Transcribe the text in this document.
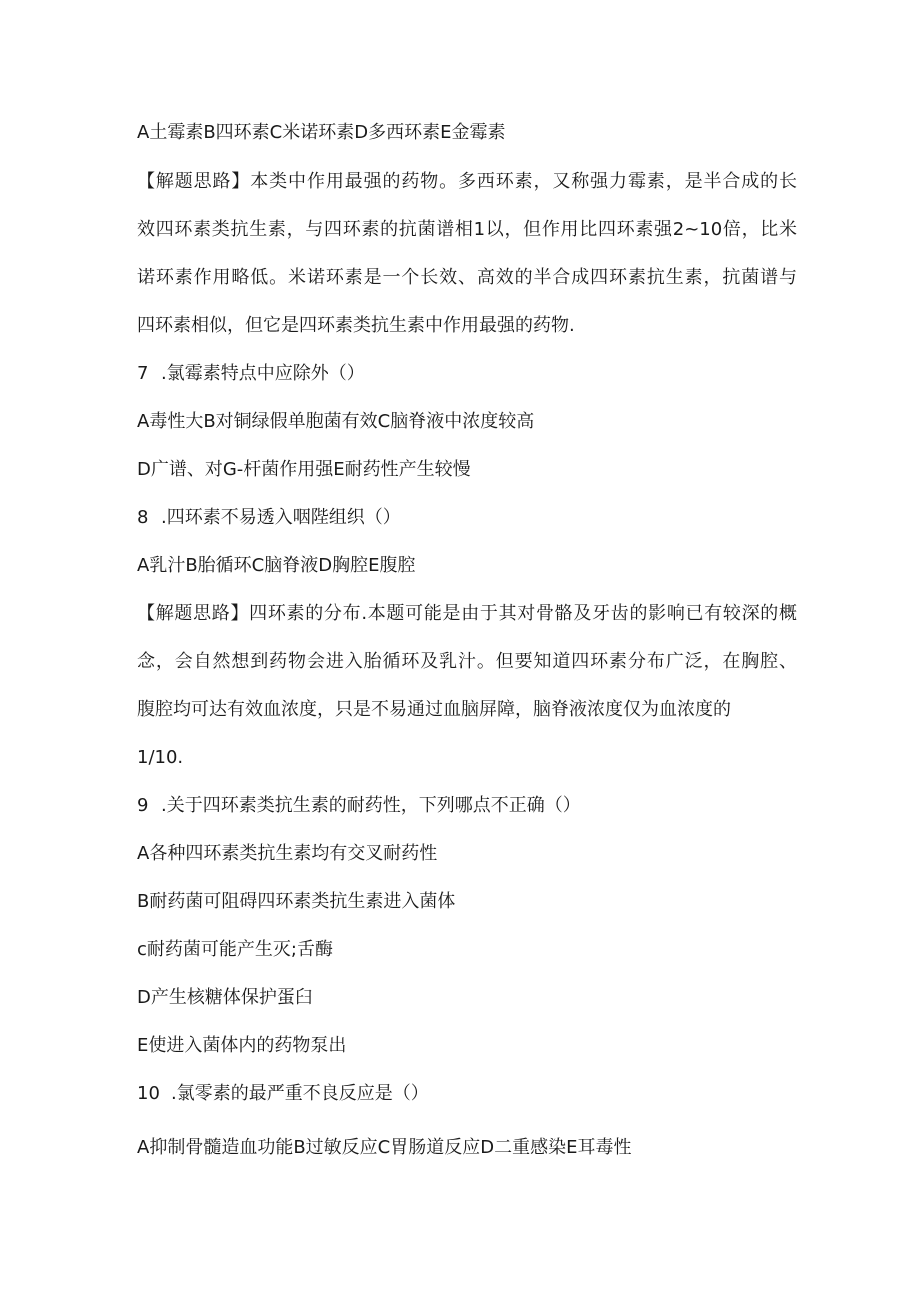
A土霉素B四环素C米诺环素D多西环素E金霉素
【解题思路】本类中作用最强的药物。多西环素，又称强力霉素，是半合成的长
效四环素类抗生素，与四环素的抗菌谱相1以，但作用比四环素强2~10倍，比米
诺环素作用略低。米诺环素是一个长效、高效的半合成四环素抗生素，抗菌谱与
四环素相似，但它是四环素类抗生素中作用最强的药物.
7 .氯霉素特点中应除外（）
A毒性大B对铜绿假单胞菌有效C脑脊液中浓度较高
D广谱、对G-杆菌作用强E耐药性产生较慢
8 .四环素不易透入咽陛组织（）
A乳汁B胎循环C脑脊液D胸腔E腹腔
【解题思路】四环素的分布.本题可能是由于其对骨骼及牙齿的影响已有较深的概
念，会自然想到药物会进入胎循环及乳汁。但要知道四环素分布广泛，在胸腔、
腹腔均可达有效血浓度，只是不易通过血脑屏障，脑脊液浓度仅为血浓度的
1/10.
9 .关于四环素类抗生素的耐药性，下列哪点不正确（）
A各种四环素类抗生素均有交叉耐药性
B耐药菌可阻碍四环素类抗生素进入菌体
c耐药菌可能产生灭;舌酶
D产生核糖体保护蛋臼
E使进入菌体内的药物泵出
10 .氯零素的最严重不良反应是（）
A抑制骨髓造血功能B过敏反应C胃肠道反应D二重感染E耳毒性
